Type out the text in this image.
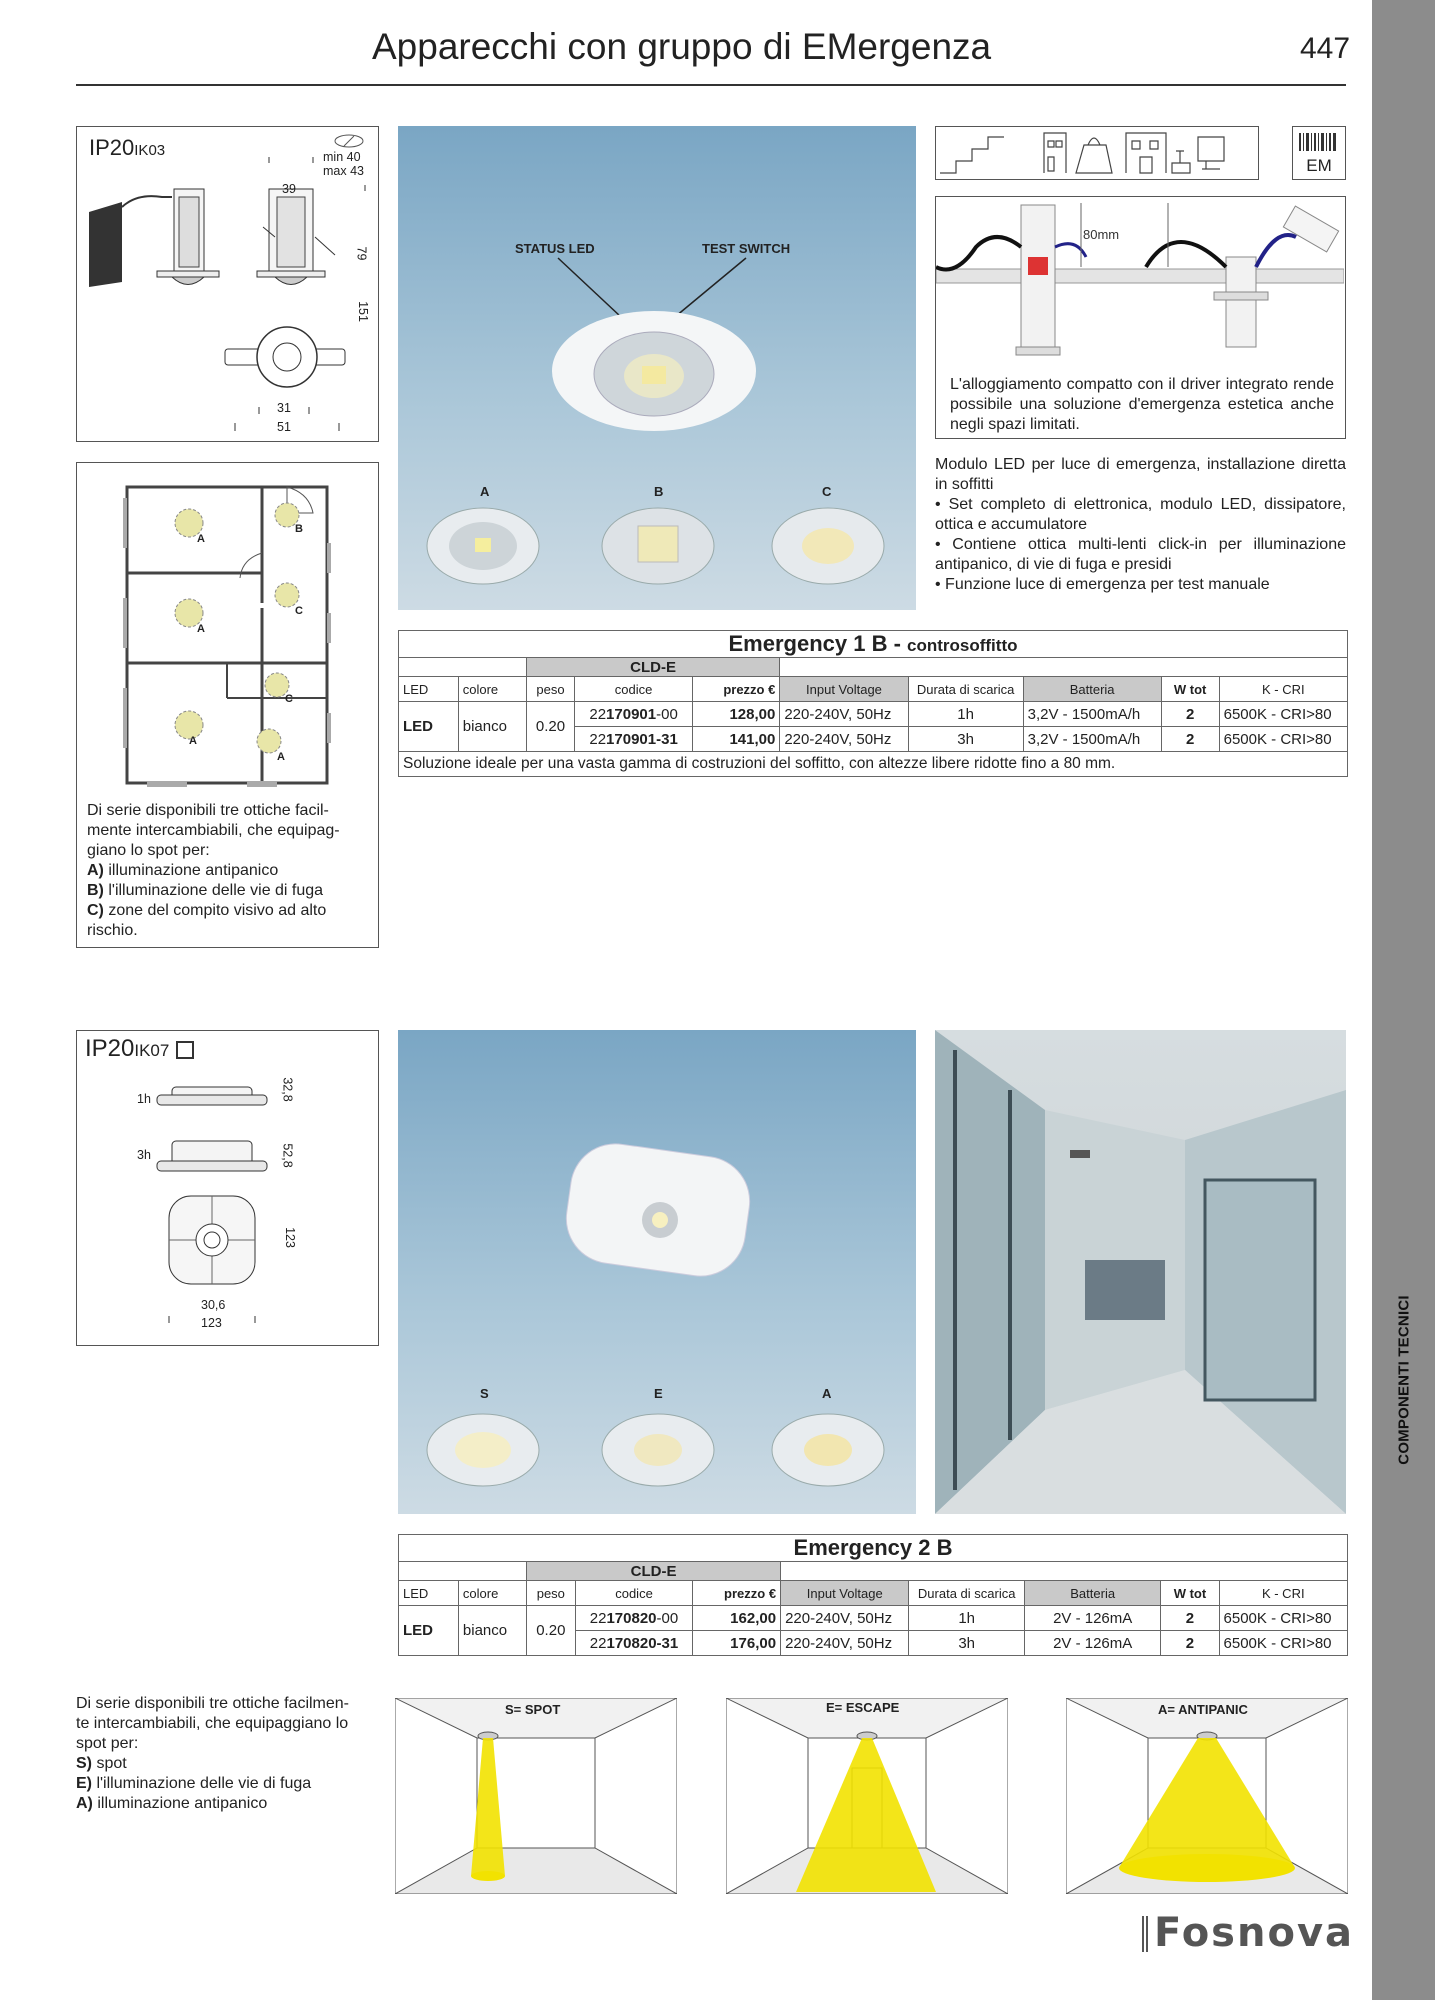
COMPONENTI TECNICI
Apparecchi con gruppo di EMergenza	447
IP20IK03	min 40
max 43
39
79
151
31
51
A
B
A
C
A
C
A
Di serie disponibili tre ottiche facil-
mente intercambiabili, che equipag-
giano lo spot per:
A) illuminazione antipanico
B) l'illuminazione delle vie di fuga
C) zone del compito visivo ad alto
rischio.
STATUS LED	TEST SWITCH
A	B	C
EM
80mm
L'alloggiamento compatto con il driver integrato rende possibile una soluzione d'emergenza estetica anche negli spazi limitati.
Modulo LED per luce di emergenza, installazione diretta in soffitti
• Set completo di elettronica, modulo LED, dissipatore, ottica e accumulatore
• Contiene ottica multi-lenti click-in per illuminazione antipanico, di vie di fuga e presidi
• Funzione luce di emergenza per test manuale
Emergency 1 B - controsoffitto									
		CLD-E							
LED	colore	peso	codice	prezzo €	Input Voltage	Durata di scarica	Batteria	W tot	K - CRI
LED	bianco	0.20	22170901-00	128,00	220-240V, 50Hz	1h	3,2V - 1500mA/h	2	6500K - CRI>80
			22170901-31	141,00	220-240V, 50Hz	3h	3,2V - 1500mA/h	2	6500K - CRI>80
Soluzione ideale per una vasta gamma di costruzioni del soffitto, con altezze libere ridotte fino a 80 mm.									
IP20IK07
1h
3h
32,8
52,8
123
30,6
123
S	E	A
Emergency 2 B									
		CLD-E							
LED	colore	peso	codice	prezzo €	Input Voltage	Durata di scarica	Batteria	W tot	K - CRI
LED	bianco	0.20	22170820-00	162,00	220-240V, 50Hz	1h	2V - 126mA	2	6500K - CRI>80
			22170820-31	176,00	220-240V, 50Hz	3h	2V - 126mA	2	6500K - CRI>80
Di serie disponibili tre ottiche facilmen-
te intercambiabili, che equipaggiano lo
spot per:
S) spot
E) l'illuminazione delle vie di fuga
A) illuminazione antipanico
S= SPOT	E= ESCAPE	A= ANTIPANIC
Fosnova
